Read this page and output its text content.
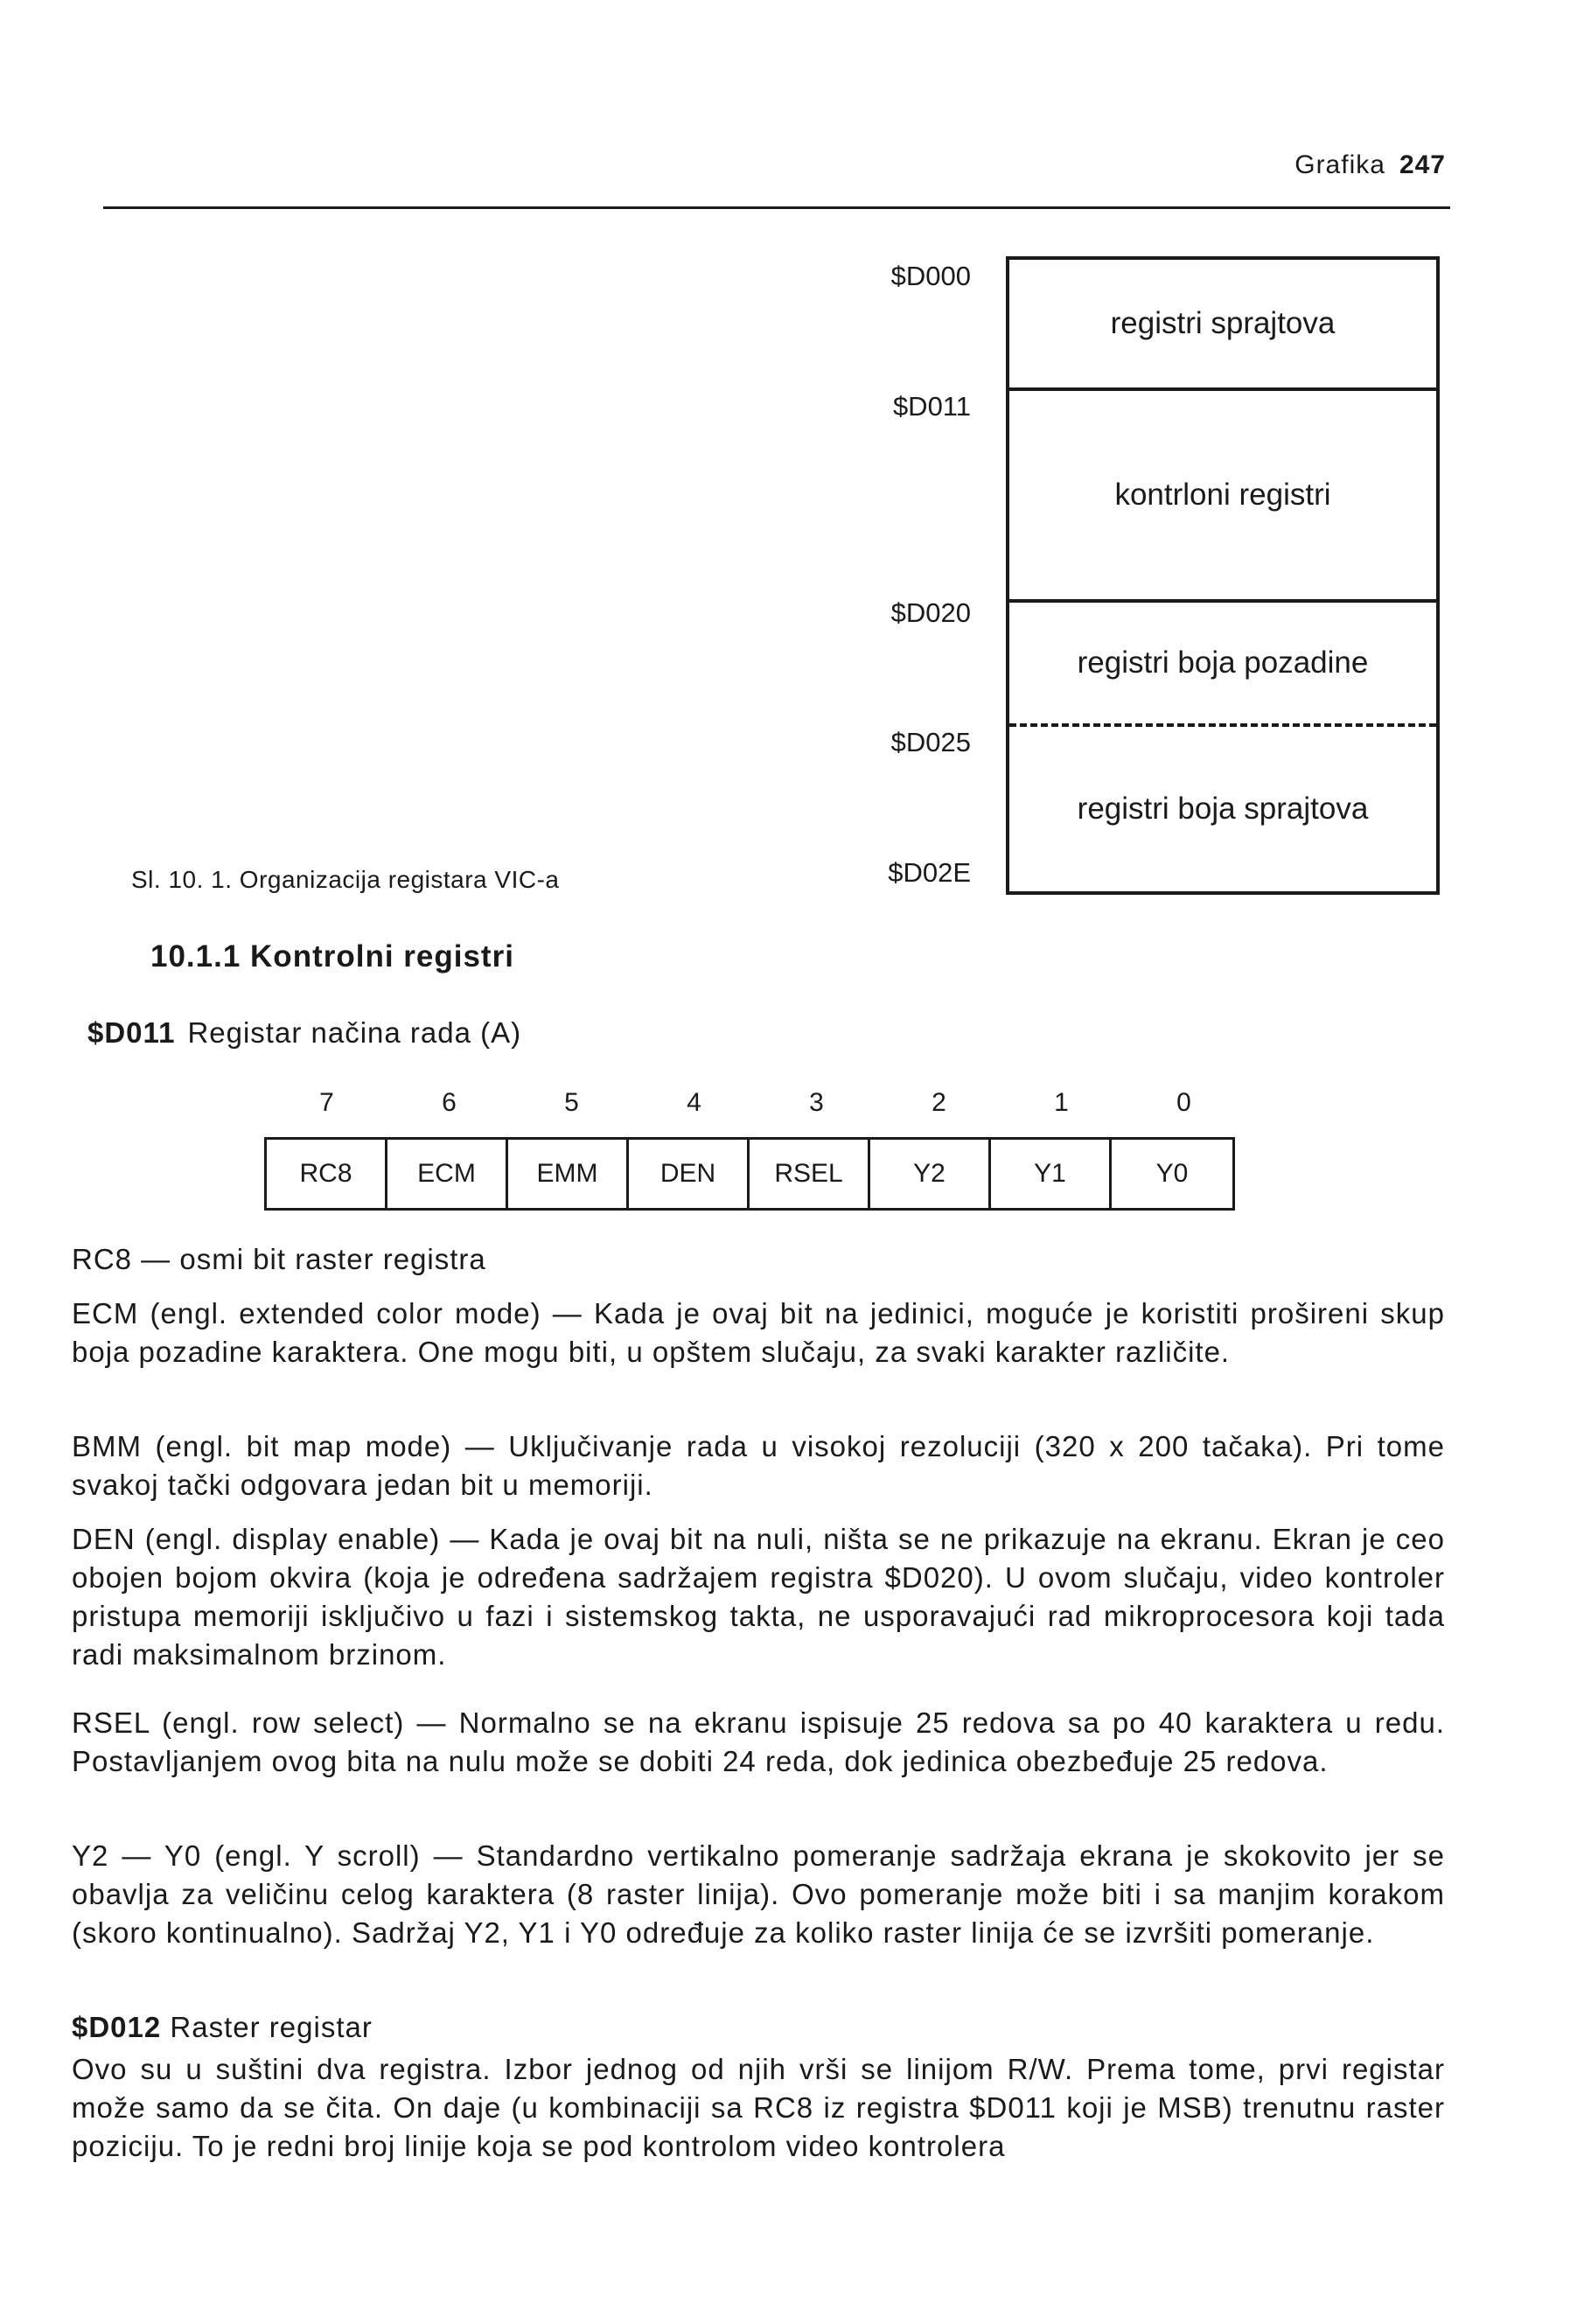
Grafika 247
$D000
$D011
$D020
$D025
$D02E
registri sprajtova
kontrloni registri
registri boja pozadine
registri boja sprajtova
Sl. 10. 1. Organizacija registara VIC-a
10.1.1 Kontrolni registri
$D011 Registar načina rada (A)
7	6	5	4	3	2	1	0
RC8	ECM	EMM	DEN	RSEL	Y2	Y1	Y0
RC8 — osmi bit raster registra
ECM (engl. extended color mode) — Kada je ovaj bit na jedinici, moguće je koristiti prošireni skup boja pozadine karaktera. One mogu biti, u opštem slučaju, za svaki karakter različite.
BMM (engl. bit map mode) — Uključivanje rada u visokoj rezoluciji (320 x 200 tačaka). Pri tome svakoj tački odgovara jedan bit u memoriji.
DEN (engl. display enable) — Kada je ovaj bit na nuli, ništa se ne prikazuje na ekranu. Ekran je ceo obojen bojom okvira (koja je određena sadržajem registra $D020). U ovom slučaju, video kontroler pristupa memoriji isključivo u fazi i sistemskog takta, ne usporavajući rad mikroprocesora koji tada radi maksimalnom brzinom.
RSEL (engl. row select) — Normalno se na ekranu ispisuje 25 redova sa po 40 karaktera u redu. Postavljanjem ovog bita na nulu može se dobiti 24 reda, dok jedinica obezbeđuje 25 redova.
Y2 — Y0 (engl. Y scroll) — Standardno vertikalno pomeranje sadržaja ekrana je skokovito jer se obavlja za veličinu celog karaktera (8 raster linija). Ovo pomeranje može biti i sa manjim korakom (skoro kontinualno). Sadržaj Y2, Y1 i Y0 određuje za koliko raster linija će se izvršiti pomeranje.
$D012 Raster registar
Ovo su u suštini dva registra. Izbor jednog od njih vrši se linijom R/W. Prema tome, prvi registar može samo da se čita. On daje (u kombinaciji sa RC8 iz registra $D011 koji je MSB) trenutnu raster poziciju. To je redni broj linije koja se pod kontrolom video kontrolera
